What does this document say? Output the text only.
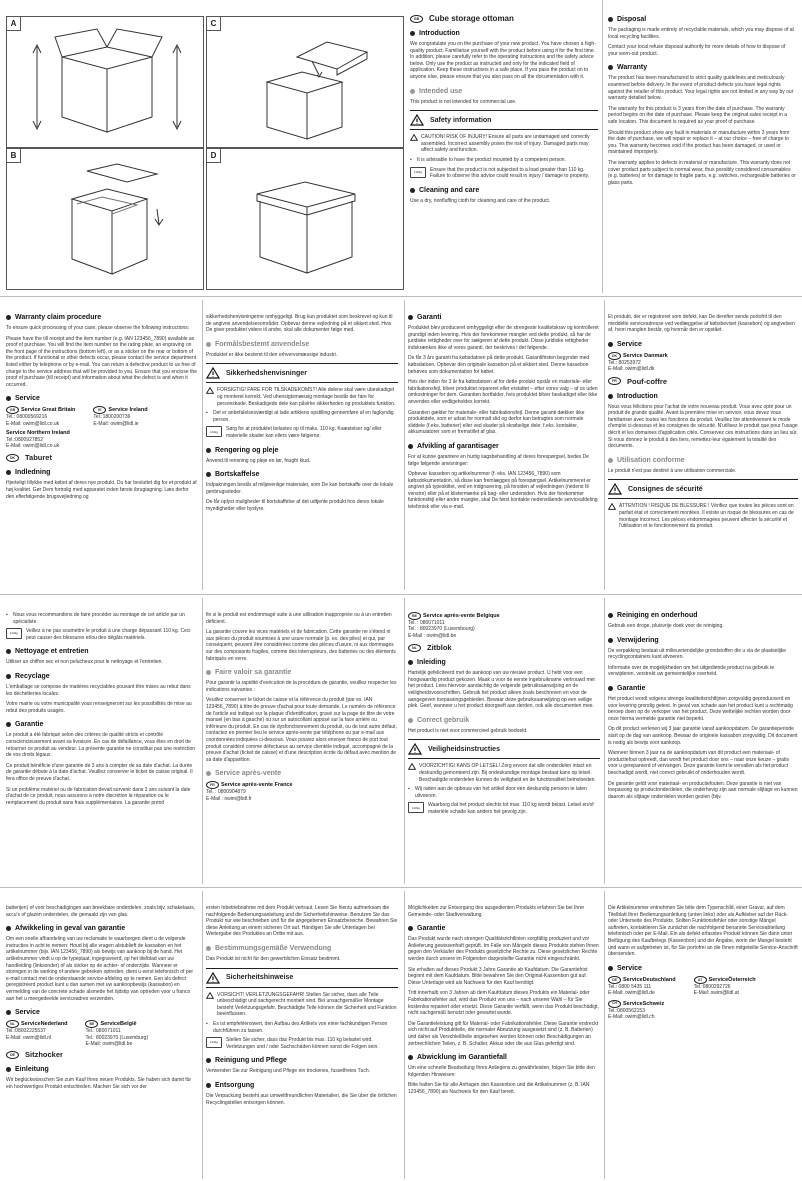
A	C
B	D
GB	Cube storage ottoman
Introduction

We congratulate you on the purchase of your new product. You have chosen a high-quality product. Familiarise yourself with the product before using it for the first time. In addition, please carefully refer to the operating instructions and the safety advice below. Only use the product as instructed and only for the indicated field of application. Keep these instructions in a safe place. If you pass the product on to anyone else, please ensure that you also pass on all the documentation with it.

Intended use

This product is not intended for commercial use.

Safety information
CAUTION! RISK OF INJURY! Ensure all parts are undamaged and correctly assembled. Incorrect assembly poses the risk of injury. Damaged parts may affect safety and function.
▪	It is advisable to have the product mounted by a competent person.
110kg	Ensure that the product is not subjected to a load greater than 110 kg. Failure to observe this advice could result in injury / damage to property.
Cleaning and care

Use a dry, nonfluffing cloth for cleaning and care of the product.

Disposal

The packaging is made entirely of recyclable materials, which you may dispose of at local recycling facilities.

Contact your local refuse disposal authority for more details of how to dispose of your worn-out product.

Warranty

The product has been manufactured to strict quality guidelines and meticulously examined before delivery. In the event of product defects you have legal rights against the retailer of this product. Your legal rights are not limited in any way by our warranty detailed below.

The warranty for this product is 3 years from the date of purchase. The warranty period begins on the date of purchase. Please keep the original sales receipt in a safe location. This document is required as your proof of purchase.

Should this product show any fault in materials or manufacture within 3 years from the date of purchase, we will repair or replace it – at our choice – free of charge to you. This warranty becomes void if the product has been damaged, or used or maintained improperly.

The warranty applies to defects in material or manufacture. This warranty does not cover product parts subject to normal wear, thus possibly considered consumables (e.g. batteries) or for damage to fragile parts, e.g. switches, rechargeable batteries or glass parts.

Warranty claim procedure

To ensure quick processing of your case, please observe the following instructions:

Please have the till receipt and the item number (e.g. IAN 123456_7890) available as proof of purchase. You will find the item number on the rating plate, an engraving on the front page of the instructions (bottom left), or as a sticker on the rear or bottom of the product. If functional or other defects occur, please contact the service department listed either by telephone or by e-mail. You can return a defective product to us free of charge to the service address that will be provided to you. Ensure that you enclose the proof of purchase (till receipt) and information about what the defect is and when it occurred.

Service
GB Service Great Britain
Tel.: 08000569216
E-Mail: owim@lidl.co.uk
IE Service Ireland
Tel.:1800200736
E-Mail: owim@lidl.ie
Service Northern Ireland
Tel.:0800927852
E-Mail: owim@lidl.co.uk
DK	Taburet
Indledning

Hjerteligt tillykke med købet af deres nye produkt. Du har besluttet dig for et produkt af høj kvalitet. Gør Dem fortrolig med apparatet inden første ibrugtagning. Læs derfor den efterfølgende brugsvejledning og

sikkerhedshenvisningerne omhyggeligt. Brug kun produktet som beskrevet og kun til de angivne anvendelsesområder. Opbevar denne vejledning på et sikkert sted. Hvis De giver produktet videre til andre, skal alle dokumenter følge med.

Formålsbestemt anvendelse

Produktet er ikke bestemt til den erhvervsmæssige industri.

Sikkerhedshenvisninger
FORSIGTIG! FARE FOR TILSKADEKOMST! Alle delene skal være ubeskadiget og monteret korrekt. Ved uhensigtsmæssig montage består der fare for personskade. Beskadigede dele kan påvirke sikkerheden og produktets funktion.
▪	Det er anbefalelsesværdigt at lade artiklens opstilling gennemføre af en fagkyndig person.
110kg	Sørg for at produktet belastes op til maks. 110 kg. Kvæstelser og/ eller materielle skader kan ellers være følgerne.
Rengøring og pleje

Anvend til rensning og pleje en tør, fnugfri klud.

Bortskaffelse

Indpakningen består af miljøvenlige materialer, som De kan bortskaffe over de lokale genbrugssteder.

De får oplyst muligheder til bortskaffelse af det udtjente produkt hos deres lokale myndigheder eller bystyre.

Garanti

Produktet blev produceret omhyggeligt efter de strengeste kvalitetskrav og kontrolleret grundigt inden levering. Hvis der forekommer mangler ved dette produkt, så har de juridiske rettigheder over for sælgeren af dette produkt. Disse juridiske rettigheder indskrænkes ikke af vores garanti, der beskrives i det følgende.

De får 3 års garanti fra købsdatoen på dette produkt. Garantifristen begynder med købsdatoen. Opbevar den originale kassebon på et sikkert sted. Denne kassebon behøves som dokumentation for købet.

Hvis der inden for 3 år fra købsdatoen af for dette produkt opstår en materiale- eller fabrikationsfejl, bliver produktet repareret eller erstattet – efter vores valg – af os uden omkostninger for dem. Garantien bortfalder, hvis produktet bliver beskadiget eller ikke anvendes eller vedligeholdes korrekt.

Garantien gælder for materiale- eller fabrikationsfejl. Denne garanti dækker ikke produktdele, som er udsat for normalt slid og derfor kan betragtes som normale sliddele (f.eks. batterier) eller ved skader på skrøbelige dele; f.eks. kontakter, akkumulatorer som er fremstillet af glas.

Afvikling af garantisager

For at kunne garantere en hurtig sagsbehandling af deres forespørgsel, bedes De følge følgende anvisninger:

Opbevar kassebon og artikelnummer (f. eks. IAN 123456_7890) som købsdokumentation, så disse kan fremlægges på forespørgsel. Artikelnummeret er angivet på typeskiltet, ved en indgravering, på forsiden af vejledningen (nederst til venstre) eller på et klistermærke på bag- eller undersiden. Hvis der forekommer funktionsfejl eller andre mangler, skal De først kontakte nedenstående serviceafdeling telefonisk eller via e-mail.

Et produkt, der er registreret som defekt, kan De derefter sende portofrit til den meddelte serviceadresse ved vedlæggelse af købsbeviset (kassebon) og angivelsen af, hvori manglen består, og hvornår den er opstået.

Service
DK Service Danmark
Tel.: 80253972
E-Mail: owim@lidl.dk
FR	Pouf-coffre
Introduction

Nous vous félicitons pour l'achat de votre nouveau produit. Vous avez opté pour un produit de grande qualité. Avant la première mise en service, vous devez vous familiariser avec toutes les fonctions du produit. Veuillez lire attentivement le mode d'emploi ci-dessous et les consignes de sécurité. N'utilisez le produit que pour l'usage décrit et les domaines d'application cités. Conservez ces instructions dans un lieu sûr. Si vous donnez le produit à des tiers, remettez-leur également la totalité des documents.

Utilisation conforme

Le produit n'est pas destiné à une utilisation commerciale.

Consignes de sécurité
ATTENTION ! RISQUE DE BLESSURE ! Vérifiez que toutes les pièces sont en parfait état et correctement montées. Il existe un risque de blessures en cas de montage incorrect. Les pièces endommagées peuvent affecter la sécurité et l'utilisation et le fonctionnement du produit.
▪	Nous vous recommandons de faire procéder au montage de cet article par un spécialiste.
110kg	Veillez à ne pas soumettre le produit à une charge dépassant 110 kg. Ceci peut causer des blessures et/ou des dégâts matériels.
Nettoyage et entretien

Utiliser un chiffon sec et non pelucheux pour le nettoyage et l'entretien.

Recyclage

L'emballage se compose de matières recyclables pouvant être mises au rebut dans les déchetteries locales.

Votre mairie ou votre municipalité vous renseigneront sur les possibilités de mise au rebut des produits usagés.

Garantie

Le produit a été fabriqué selon des critères de qualité stricts et contrôlé consciencieusement avant sa livraison. En cas de défaillance, vous êtes en droit de retourner ce produit au vendeur. La présente garantie ne constitue pas une restriction de vos droits légaux.

Ce produit bénéficie d'une garantie de 3 ans à compter de sa date d'achat. La durée de garantie débute à la date d'achat. Veuillez conserver le ticket de caisse original. Il fera office de preuve d'achat.

Si un problème matériel ou de fabrication devait survenir dans 3 ans suivant la date d'achat de ce produit, nous assurons à notre discrétion la réparation ou le remplacement du produit sans frais supplémentaires. La garantie prend

fin si le produit est endommagé suite à une utilisation inappropriée ou à un entretien déficient.

La garantie couvre les vices matériels et de fabrication. Cette garantie ne s'étend ni aux pièces du produit soumises à une usure normale (p. ex. des piles) et qui, par conséquent, peuvent être considérées comme des pièces d'usure, ni aux dommages sur des composants fragiles, comme des interrupteurs, des batteries ou des éléments fabriqués en verre.

Faire valoir sa garantie

Pour garantir la rapidité d'exécution de la procédure de garantie, veuillez respecter les indications suivantes :

Veuillez conserver le ticket de caisse et la référence du produit (par ex. IAN 123456_7890) à titre de preuve d'achat pour toute demande. Le numéro de référence de l'article est indiqué sur la plaque d'identification, gravé sur la page de titre de votre manuel (en bas à gauche) ou sur un autocollant apposé sur la face arrière ou inférieure du produit. En cas de dysfonctionnement du produit, ou de tout autre défaut, contactez en premier lieu le service après-vente par téléphone ou par e-mail aux coordonnées indiquées ci-dessous. Vous pouvez alors envoyer franco de port tout produit considéré comme défectueux au service clientèle indiqué, accompagné de la preuve d'achat (ticket de caisse) et d'une description écrite du défaut avec mention de sa date d'apparition.

Service après-vente
FR Service après-vente France
Tel. : 0800904879
E-Mail : owim@lidl.fr
BE Service après-vente Belgique
Tel. : 080071011
Tel. : 80023970 (Luxembourg)
E-Mail : owim@lidl.be
NL	Zitblok
Inleiding

Hartelijk gefeliciteerd met de aankoop van uw nieuwe product. U hebt voor een hoogwaardig product gekozen. Maak u voor de eerste ingebruikname vertrouwd met het product. Lees hiervoor aandachtig de volgende gebruiksaanwijzing en de veiligheidsvoorschriften. Gebruik het product alleen zoals beschreven en voor de aangegeven toepassingsgebieden. Bewaar deze gebruiksaanwijzing op een veilige plek. Geef, wanneer u het product doorgeeft aan derden, ook alle documenten mee.

Correct gebruik

Het product is niet voor commercieel gebruik bedoeld.

Veiligheidsinstructies
VOORZICHTIG! KANS OP LETSEL! Zorg ervoor dat alle onderdelen intact en deskundig gemonteerd zijn. Bij ondeskundige montage bestaat kans op letsel. Beschadigde onderdelen kunnen de veiligheid en de functionaliteit beïnvloeden.
▪	Wij raden aan de opbouw van het artikel door een deskundig persoon te laten uitvoeren.
110kg	Waarborg dat het product slechts tot max. 110 kg wordt belast. Letsel en/of materiële schade kan anders het gevolg zijn.
Reiniging en onderhoud

Gebruik een droge, pluisvrije doek voor de reiniging.

Verwijdering

De verpakking bestaat uit milieuvriendelijke grondstoffen die u via de plaatselijke recyclingcontainers kunt afvoeren.

Informatie over de mogelijkheden om het uitgediende product na gebruik te verwijderen, verstrekt uw gemeentelijke overheid.

Garantie

Het product wordt volgens strenge kwaliteitsrichtlijnen zorgvuldig geproduceerd en voor levering grondig getest. In geval van schade aan het product kunt u rechtmatig beroep doen op de verkoper van het product. Deze wettelijke rechten worden door onze hierna vermelde garantie niet beperkt.

Op dit product verlenen wij 3 jaar garantie vanaf aankoopdatum. De garantieperiode start op de dag van aankoop. Bewaar de originele kassabon zorgvuldig. Dit document is nodig als bewijs voor aankoop.

Wanneer binnen 3 jaar na de aankoopdatum van dit product een materiaal- of productiefout optreedt, dan wordt het product door ons – naar onze keuze – gratis voor u gerepareerd of vervangen. Deze garantie komt te vervallen als het product beschadigd wordt, niet correct gebruikt of onderhouden wordt.

De garantie geldt voor materiaal- en productiefouten. Deze garantie is niet van toepassing op productonderdelen, die onderhevig zijn aan normale slijtage en kunnen daarom als slijtage onderdelen worden gezien (bijv.

batterijen) of voor beschadigingen aan breekbare onderdelen, zoals bijv. schakelaars, accu's of glazen onderdelen, die gemaakt zijn van glas.

Afwikkeling in geval van garantie

Om een snelle afhandeling van uw reclamatie te waarborgen dient u de volgende instructies in acht te nemen: Houd bij alle vragen alstublieft de kassabon en het artikelnummer (bijv. IAN 123456_7890) als bewijs van aankoop bij de hand. Het artikelnummer vindt u op de typeplaat, ingegraveerd, op het titelblad van uw handleiding (linksonder) of als sticker op de achter- of onderzijde. Wanneer er storingen in de werking of andere gebreken optreden, dient u eerst telefonisch of per e-mail contact met de onderstaande service-afdeling op te nemen. Een als defect geregistreerd product kunt u dan samen met uw aankoopbewijs (kassabon) en vermelding van de concrete schade alsmede het tijdstip van optreden voor u franco aan het u meegedeelde serviceadres verzenden.

Service
NL ServiceNederland
Tel.:08002225537
E-Mail: owim@lidl.nl
BE ServiceBelgië
Tel.: 080071011
Tel.: 80023970 (Luxemburg)
E-Mail: owim@lidl.be
DE	Sitzhocker
Einleitung

Wir beglückwünschen Sie zum Kauf Ihres neuen Produkts. Sie haben sich damit für ein hochwertiges Produkt entschieden. Machen Sie sich vor der

ersten Inbetriebnahme mit dem Produkt vertraut. Lesen Sie hierzu aufmerksam die nachfolgende Bedienungsanleitung und die Sicherheitshinweise. Benutzen Sie das Produkt nur wie beschrieben und für die angegebenen Einsatzbereiche. Bewahren Sie diese Anleitung an einem sicheren Ort auf. Händigen Sie alle Unterlagen bei Weitergabe des Produktes an Dritte mit aus.

Bestimmungsgemäße Verwendung

Das Produkt ist nicht für den gewerblichen Einsatz bestimmt.

Sicherheitshinweise
VORSICHT! VERLETZUNGSGEFAHR! Stellen Sie sicher, dass alle Teile unbeschädigt und sachgerecht montiert sind. Bei unsachgemäßer Montage besteht Verletzungsgefahr. Beschädigte Teile können die Sicherheit und Funktion beeinflussen.
▪	Es ist empfehlenswert, den Aufbau des Artikels von einer fachkundigen Person durchführen zu lassen.
110kg	Stellen Sie sicher, dass das Produkt bis max. 110 kg belastet wird. Verletzungen und / oder Sachschäden können sonst die Folgen sein.
Reinigung und Pflege

Verwenden Sie zur Reinigung und Pflege ein trockenes, fusselfreies Tuch.

Entsorgung

Die Verpackung besteht aus umweltfreundlichen Materialien, die Sie über die örtlichen Recyclingstellen entsorgen können.

Möglichkeiten zur Entsorgung des ausgedienten Produkts erfahren Sie bei Ihrer Gemeinde- oder Stadtverwaltung.

Garantie

Das Produkt wurde nach strengen Qualitätsrichtlinien sorgfältig produziert und vor Anlieferung gewissenhaft geprüft. Im Falle von Mängeln dieses Produkts stehen Ihnen gegen den Verkäufer des Produkts gesetzliche Rechte zu. Diese gesetzlichen Rechte werden durch unsere im Folgenden dargestellte Garantie nicht eingeschränkt.

Sie erhalten auf dieses Produkt 3 Jahre Garantie ab Kaufdatum. Die Garantiefrist beginnt mit dem Kaufdatum. Bitte bewahren Sie den Original-Kassenbon gut auf. Diese Unterlage wird als Nachweis für den Kauf benötigt.

Tritt innerhalb von 3 Jahren ab dem Kaufdatum dieses Produkts ein Material- oder Fabrikationsfehler auf, wird das Produkt von uns – nach unserer Wahl – für Sie kostenlos repariert oder ersetzt. Diese Garantie verfällt, wenn das Produkt beschädigt, nicht sachgemäß benutzt oder gewartet wurde.

Die Garantieleistung gilt für Material- oder Fabrikationsfehler. Diese Garantie erstreckt sich nicht auf Produktteile, die normaler Abnutzung ausgesetzt sind (z. B. Batterien) und daher als Verschleißteile angesehen werden können oder Beschädigungen an zerbrechlichen Teilen, z. B. Schalter, Akkus oder die aus Glas gefertigt sind.

Abwicklung im Garantiefall

Um eine schnelle Bearbeitung Ihres Anliegens zu gewährleisten, folgen Sie bitte den folgenden Hinweisen:

Bitte halten Sie für alle Anfragen den Kassenbon und die Artikelnummer (z. B. IAN 123456_7890) als Nachweis für den Kauf bereit.

Die Artikelnummer entnehmen Sie bitte dem Typenschild, einer Gravur, auf dem Titelblatt Ihrer Bedienungsanleitung (unten links) oder als Aufkleber auf der Rück- oder Unterseite des Produkts. Sollten Funktionsfehler oder sonstige Mängel auftreten, kontaktieren Sie zunächst die nachfolgend benannte Serviceabteilung telefonisch oder per E-Mail. Ein als defekt erfasstes Produkt können Sie dann unter Beifügung des Kaufbelegs (Kassenbon) und der Angabe, worin der Mangel besteht und wann er aufgetreten ist, für Sie portofrei an die Ihnen mitgeteilte Service-Anschrift übersenden.

Service
DE ServiceDeutschland
Tel.: 0800 5435 111
E-Mail: owim@lidl.de
AT ServiceÖsterreich
Tel.:0800292726
E-Mail: owim@lidl.at
CH ServiceSchweiz
Tel.:0800562153
E-Mail: owim@lidl.ch
